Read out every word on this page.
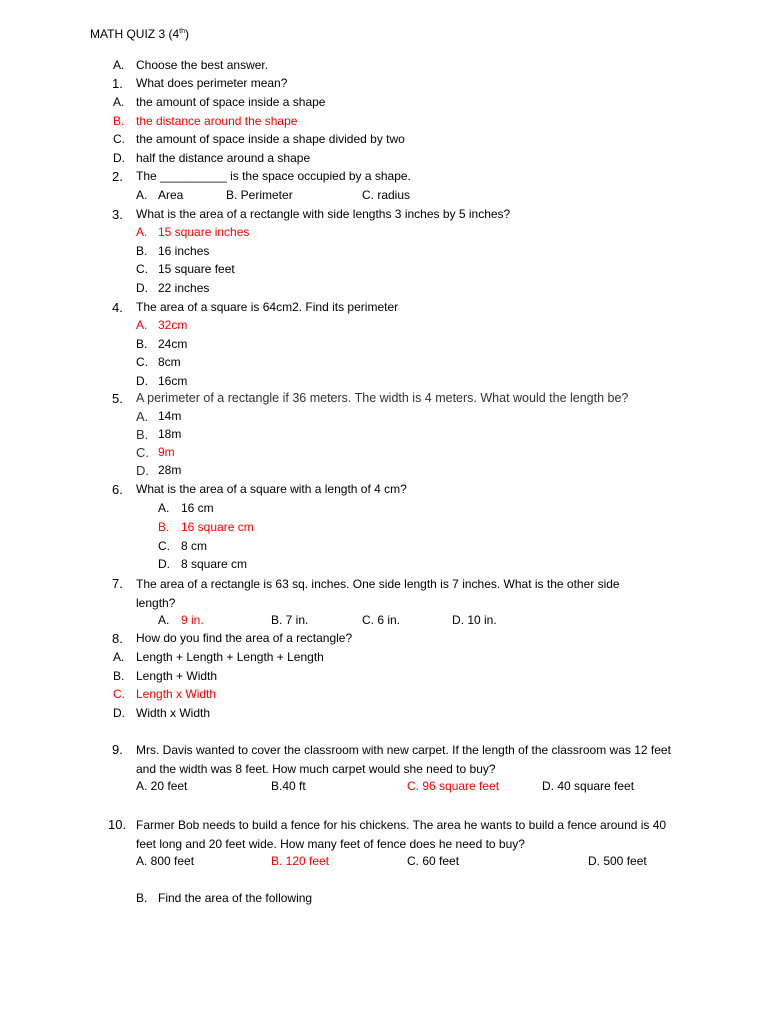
MATH QUIZ 3 (4th)
A. Choose the best answer.
1. What does perimeter mean?
A. the amount of space inside a shape
B. the distance around the shape
C. the amount of space inside a shape divided by two
D. half the distance around a shape
2. The __________ is the space occupied by a shape.
A. Area	B. Perimeter	C. radius
3. What is the area of a rectangle with side lengths 3 inches by 5 inches?
A. 15 square inches
B. 16 inches
C. 15 square feet
D. 22 inches
4. The area of a square is 64cm2. Find its perimeter
A. 32cm
B. 24cm
C. 8cm
D. 16cm
5. A perimeter of a rectangle if 36 meters. The width is 4 meters. What would the length be?
A. 14m
B. 18m
C. 9m
D. 28m
6. What is the area of a square with a length of 4 cm?
A. 16 cm
B. 16 square cm
C. 8 cm
D. 8 square cm
7. The area of a rectangle is 63 sq. inches. One side length is 7 inches. What is the other side length?
A. 9 in.	B. 7 in.	C. 6 in.	D. 10 in.
8. How do you find the area of a rectangle?
A. Length + Length + Length + Length
B. Length + Width
C. Length x Width
D. Width x Width
9. Mrs. Davis wanted to cover the classroom with new carpet. If the length of the classroom was 12 feet and the width was 8 feet. How much carpet would she need to buy?
A. 20 feet	B.40 ft	C. 96 square feet	D. 40 square feet
10. Farmer Bob needs to build a fence for his chickens. The area he wants to build a fence around is 40 feet long and 20 feet wide. How many feet of fence does he need to buy?
A. 800 feet	B. 120 feet	C. 60 feet	D. 500 feet
B. Find the area of the following
